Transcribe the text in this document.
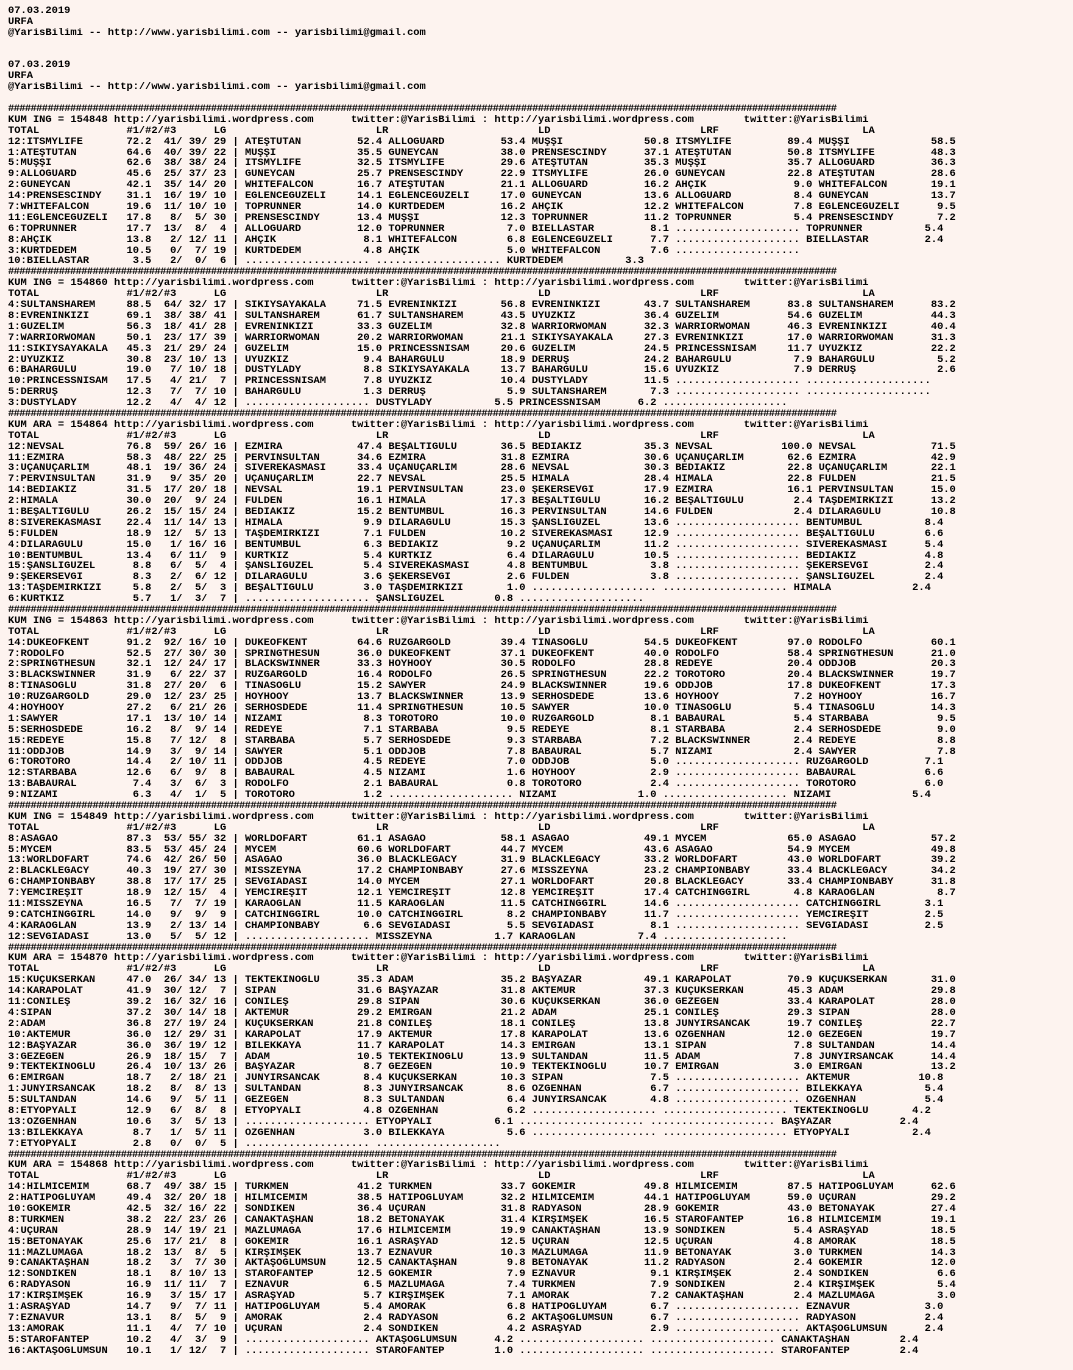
07.03.2019
URFA
@YarisBilimi -- http://www.yarisbilimi.com -- yarisbilimi@gmail.com

07.03.2019
URFA
@YarisBilimi -- http://www.yarisbilimi.com -- yarisbilimi@gmail.com

###################################################################################################################################################
KUM ING = 154848 http://yarisbilimi.wordpress.com      twitter:@YarisBilimi : http://yarisbilimi.wordpress.com        twitter:@YarisBilimi
TOTAL              #1/#2/#3      LG                        LR                        LD                        LRF                       LA
12:ITSMYLIFE       72.2  41/ 39/ 29 | ATEŞTUTAN         52.4 ALLOGUARD         53.4 MUŞŞI             50.8 ITSMYLIFE         89.4 MUŞŞI             58.5
1:ATEŞTUTAN        64.6  40/ 39/ 22 | MUŞŞI             35.5 GUNEYCAN          38.0 PRENSESCINDY      37.1 ATEŞTUTAN         50.8 ITSMYLIFE         48.3
5:MUŞŞI            62.6  38/ 38/ 24 | ITSMYLIFE         32.5 ITSMYLIFE         29.6 ATEŞTUTAN         35.3 MUŞŞI             35.7 ALLOGUARD         36.3
9:ALLOGUARD        45.6  25/ 37/ 23 | GUNEYCAN          25.7 PRENSESCINDY      22.9 ITSMYLIFE         26.0 GUNEYCAN          22.8 ATEŞTUTAN         28.6
2:GUNEYCAN         42.1  35/ 14/ 20 | WHITEFALCON       16.7 ATEŞTUTAN         21.1 ALLOGUARD         16.2 AHÇIK              9.0 WHITEFALCON       19.1
14:PRENSESCINDY    31.1  16/ 19/ 10 | EGLENCEGÜZELİ     14.1 EGLENCEGÜZELİ     17.0 GUNEYCAN          13.6 ALLOGUARD          8.4 GUNEYCAN          13.7
7:WHITEFALCON      19.6  11/ 10/ 10 | TOPRUNNER         14.0 KURTDEDEM         16.2 AHÇIK             12.2 WHITEFALCON        7.8 EGLENCEGÜZELİ      9.5
11:EGLENCEGÜZELİ   17.8   8/  5/ 30 | PRENSESCINDY      13.4 MUŞŞI             12.3 TOPRUNNER         11.2 TOPRUNNER          5.4 PRENSESCINDY       7.2
6:TOPRUNNER        17.7  13/  8/  4 | ALLOGUARD         12.0 TOPRUNNER          7.0 BIELLASTAR         8.1 .................... TOPRUNNER          5.4
8:AHÇIK            13.8   2/ 12/ 11 | AHÇIK              8.1 WHITEFALCON        6.8 EGLENCEGÜZELİ      7.7 .................... BIELLASTAR         2.4
3:KURTDEDEM        10.5   0/  7/ 19 | KURTDEDEM          4.8 AHÇIK              5.0 WHITEFALCON        7.6 ....................
10:BIELLASTAR       3.5   2/  0/  6 | .................... .................... KURTDEDEM          3.3
###################################################################################################################################################
KUM ING = 154860 http://yarisbilimi.wordpress.com      twitter:@YarisBilimi : http://yarisbilimi.wordpress.com        twitter:@YarisBilimi
TOTAL              #1/#2/#3      LG                        LR                        LD                        LRF                       LA
4:SULTANSHAREM     88.5  64/ 32/ 17 | SIKIYSAYAKALA     71.5 EVRENİNKIZI       56.8 EVRENİNKIZI       43.7 SULTANSHAREM      83.8 SULTANSHAREM      83.2
8:EVRENİNKIZI      69.1  38/ 38/ 41 | SULTANSHAREM      61.7 SULTANSHAREM      43.5 UYUZKIZ           36.4 GUZELİM           54.6 GUZELİM           44.3
1:GUZELİM          56.3  18/ 41/ 28 | EVRENİNKIZI       33.3 GUZELİM           32.8 WARRIORWOMAN      32.3 WARRIORWOMAN      46.3 EVRENİNKIZI       40.4
7:WARRIORWOMAN     50.1  23/ 17/ 39 | WARRIORWOMAN      20.2 WARRIORWOMAN      21.1 SIKIYSAYAKALA     27.3 EVRENİNKIZI       17.0 WARRIORWOMAN      31.3
11:SIKIYSAYAKALA   45.3  21/ 29/ 24 | GUZELİM           15.0 PRINCESSNISAM     20.6 GUZELİM           24.5 PRINCESSNISAM     11.7 UYUZKIZ           22.2
2:UYUZKIZ          30.8  23/ 10/ 13 | UYUZKIZ            9.4 BAHARGULU         18.9 DERRUŞ            24.2 BAHARGULU          7.9 BAHARGULU          5.2
6:BAHARGULU        19.0   7/ 10/ 18 | DUSTYLADY          8.8 SIKIYSAYAKALA     13.7 BAHARGULU         15.6 UYUZKIZ            7.9 DERRUŞ             2.6
10:PRINCESSNISAM   17.5   4/ 21/  7 | PRINCESSNISAM      7.8 UYUZKIZ           10.4 DUSTYLADY         11.5 .................... ....................
5:DERRUŞ           12.3   7/  7/ 10 | BAHARGULU          1.3 DERRUŞ             5.9 SULTANSHAREM       7.3 .................... ....................
3:DUSTYLADY        12.2   4/  4/ 12 | .................... DUSTYLADY          5.5 PRINCESSNISAM      6.2 ....................
###################################################################################################################################################
KUM ARA = 154864 http://yarisbilimi.wordpress.com      twitter:@YarisBilimi : http://yarisbilimi.wordpress.com        twitter:@YarisBilimi
TOTAL              #1/#2/#3      LG                        LR                        LD                        LRF                       LA
12:NEVSAL          76.8  59/ 26/ 16 | EZMİRA            47.4 BEŞALTIGÜLÜ       36.5 BEDİAKIZ          35.3 NEVSAL           100.0 NEVSAL            71.5
11:EZMİRA          58.3  48/ 22/ 25 | PERVİNSULTAN      34.6 EZMİRA            31.8 EZMİRA            30.6 UÇANUÇARLIM       62.6 EZMİRA            42.9
3:UÇANUÇARLIM      48.1  19/ 36/ 24 | SİVEREKASMASI     33.4 UÇANUÇARLIM       28.6 NEVSAL            30.3 BEDİAKIZ          22.8 UÇANUÇARLIM       22.1
7:PERVİNSULTAN     31.9   9/ 35/ 20 | UÇANUÇARLIM       22.7 NEVSAL            25.5 HİMALA            28.4 HİMALA            22.8 FULDEN            21.5
14:BEDİAKIZ        31.5  17/ 20/ 18 | NEVSAL            19.1 PERVİNSULTAN      23.0 ŞEKERSEVGİ        17.9 EZMİRA            16.1 PERVİNSULTAN      15.0
2:HİMALA           30.0  20/  9/ 24 | FULDEN            16.1 HİMALA            17.3 BEŞALTIGÜLÜ       16.2 BEŞALTIGÜLÜ        2.4 TAŞDEMİRKIZI      13.2
1:BEŞALTIGÜLÜ      26.2  15/ 15/ 24 | BEDİAKIZ          15.2 BENTUMBUL         16.3 PERVİNSULTAN      14.6 FULDEN             2.4 DİLARAGÜLÜ        10.8
8:SİVEREKASMASI    22.4  11/ 14/ 13 | HİMALA             9.9 DİLARAGÜLÜ        15.3 ŞANSLIGUZEL       13.6 .................... BENTUMBUL          8.4
5:FULDEN           18.9  12/  5/ 13 | TAŞDEMİRKIZI       7.1 FULDEN            10.2 SİVEREKASMASI     12.9 .................... BEŞALTIGÜLÜ        6.6
4:DİLARAGÜLÜ       15.0   1/ 16/ 16 | BENTUMBUL          6.3 BEDİAKIZ           9.2 UÇANUÇARLIM       11.2 .................... SİVEREKASMASI      5.4
10:BENTUMBUL       13.4   6/ 11/  9 | KURTKIZ            5.4 KURTKIZ            6.4 DİLARAGÜLÜ        10.5 .................... BEDİAKIZ           4.8
15:ŞANSLIGUZEL      8.8   6/  5/  4 | ŞANSLIGUZEL        5.4 SİVEREKASMASI      4.8 BENTUMBUL          3.8 .................... ŞEKERSEVGİ         2.4
9:ŞEKERSEVGİ        8.3   2/  6/ 12 | DİLARAGÜLÜ         3.6 ŞEKERSEVGİ         2.6 FULDEN             3.8 .................... ŞANSLIGUZEL        2.4
13:TAŞDEMİRKIZI     5.8   2/  5/  3 | BEŞALTIGÜLÜ        3.0 TAŞDEMİRKIZI       1.0 .................... .................... HİMALA             2.4
6:KURTKIZ           5.7   1/  3/  7 | .................... ŞANSLIGUZEL        0.8 ....................
###################################################################################################################################################
KUM ING = 154863 http://yarisbilimi.wordpress.com      twitter:@YarisBilimi : http://yarisbilimi.wordpress.com        twitter:@YarisBilimi
TOTAL              #1/#2/#3      LG                        LR                        LD                        LRF                       LA
14:DUKEOFKENT      91.2  92/ 16/ 10 | DUKEOFKENT        64.6 RUZGARGOLD        39.4 TINASOĞLU         54.5 DUKEOFKENT        97.0 RODOLFO           60.1
7:RODOLFO          52.5  27/ 30/ 30 | SPRINGTHESUN      36.0 DUKEOFKENT        37.1 DUKEOFKENT        40.0 RODOLFO           58.4 SPRINGTHESUN      21.0
2:SPRINGTHESUN     32.1  12/ 24/ 17 | BLACKSWINNER      33.3 HOYHOOY           30.5 RODOLFO           28.8 REDEYE            20.4 ODDJOB            20.3
3:BLACKSWINNER     31.9   6/ 22/ 37 | RUZGARGOLD        16.4 RODOLFO           26.5 SPRINGTHESUN      22.2 TOROTORO          20.4 BLACKSWINNER      19.7
8:TINASOGLU        31.8  27/ 20/  6 | TINASOGLU         15.2 SAWYER            24.9 BLACKSWINNER      19.6 ODDJOB            17.8 DUKEOFKENT        17.3
10:RUZGARGOLD      29.0  12/ 23/ 25 | HOYHOOY           13.7 BLACKSWINNER      13.9 SERHOSDEDE        13.6 HOYHOOY            7.2 HOYHOOY           16.7
4:HOYHOOY          27.2   6/ 21/ 26 | SERHOSDEDE        11.4 SPRINGTHESUN      10.5 SAWYER            10.0 TINASOGLU          5.4 TINASOGLU         14.3
1:SAWYER           17.1  13/ 10/ 14 | NIZAMI             8.3 TOROTORO          10.0 RUZGARGOLD         8.1 BABAURAL           5.4 STARBABA           9.5
5:SERHOSDEDE       16.2   8/  9/ 14 | REDEYE             7.1 STARBABA           9.5 REDEYE             8.1 STARBABA           2.4 SERHOSDEDE         9.0
15:REDEYE          15.8   7/ 12/  8 | STARBABA           5.7 SERHOSDEDE         9.3 STARBABA           7.2 BLACKSWINNER       2.4 REDEYE             8.8
11:ODDJOB          14.9   3/  9/ 14 | SAWYER             5.1 ODDJOB             7.8 BABAURAL           5.7 NIZAMI             2.4 SAWYER             7.8
6:TOROTORO         14.4   2/ 10/ 11 | ODDJOB             4.5 REDEYE             7.0 ODDJOB             5.0 .................... RUZGARGOLD         7.1
12:STARBABA        12.6   6/  9/  8 | BABAURAL           4.5 NIZAMI             1.6 HOYHOOY            2.9 .................... BABAURAL           6.6
13:BABAURAL         7.4   3/  6/  3 | RODOLFO            2.1 BABAURAL           0.8 TOROTORO           2.4 .................... TOROTORO           6.0
9:NIZAMI            6.3   4/  1/  5 | TOROTORO           1.2 .................... NIZAMI             1.0 .................... NIZAMI             5.4
###################################################################################################################################################
KUM ING = 154849 http://yarisbilimi.wordpress.com      twitter:@YarisBilimi : http://yarisbilimi.wordpress.com        twitter:@YarisBilimi
TOTAL              #1/#2/#3      LG                        LR                        LD                        LRF                       LA
8:ASAGAO           87.3  53/ 55/ 32 | WORLDOFART        61.1 ASAGAO            58.1 ASAGAO            49.1 MYCEM             65.0 ASAGAO            57.2
5:MYCEM            83.5  53/ 45/ 24 | MYCEM             60.6 WORLDOFART        44.7 MYCEM             43.6 ASAGAO            54.9 MYCEM             49.8
13:WORLDOFART      74.6  42/ 26/ 50 | ASAGAO            36.0 BLACKLEGACY       31.9 BLACKLEGACY       33.2 WORLDOFART        43.0 WORLDOFART        39.2
2:BLACKLEGACY      40.3  19/ 27/ 30 | MISSZEYNA         17.2 CHAMPIONBABY      27.6 MISSZEYNA         23.2 CHAMPIONBABY      33.4 BLACKLEGACY       34.2
6:CHAMPIONBABY     38.8  17/ 17/ 25 | SEVGİADASI        14.0 MYCEM             27.1 WORLDOFART        20.8 BLACKLEGACY       33.4 CHAMPIONBABY      31.8
7:YEMCIREŞIT       18.9  12/ 15/  4 | YEMCIREŞIT        12.1 YEMCIREŞIT        12.8 YEMCIREŞIT        17.4 CATCHINGGIRL       4.8 KARAOGLAN          8.7
11:MISSZEYNA       16.5   7/  7/ 19 | KARAOGLAN         11.5 KARAOGLAN         11.5 CATCHINGGIRL      14.6 .................... CATCHINGGIRL       3.1
9:CATCHINGGIRL     14.0   9/  9/  9 | CATCHINGGIRL      10.0 CATCHINGGIRL       8.2 CHAMPIONBABY      11.7 .................... YEMCIREŞIT         2.5
4:KARAOGLAN        13.9   2/ 13/ 14 | CHAMPIONBABY       6.6 SEVGİADASI         5.5 SEVGİADASI         8.1 .................... SEVGİADASI         2.5
12:SEVGİADASI      13.0   5/  5/ 12 | .................... MISSZEYNA          1.7 KARAOGLAN          7.4 ....................
###################################################################################################################################################
KUM ARA = 154870 http://yarisbilimi.wordpress.com      twitter:@YarisBilimi : http://yarisbilimi.wordpress.com        twitter:@YarisBilimi
TOTAL              #1/#2/#3      LG                        LR                        LD                        LRF                       LA
15:KUÇUKSERKAN     47.0  26/ 34/ 13 | TEKTEKİNOĞLU      35.3 ADAM              35.2 BAŞYAZAR          49.1 KARAPOLAT         70.9 KUÇUKSERKAN       31.0
14:KARAPOLAT       41.9  30/ 12/  7 | SIPAN             31.6 BAŞYAZAR          31.8 AKTEMUR           37.3 KUÇUKSERKAN       45.3 ADAM              29.8
11:CONİLEŞ         39.2  16/ 32/ 16 | CONİLEŞ           29.8 SIPAN             30.6 KUÇUKSERKAN       36.0 GEZEGEN           33.4 KARAPOLAT         28.0
4:SIPAN            37.2  30/ 14/ 18 | AKTEMUR           29.2 EMİRGAN           21.2 ADAM              25.1 CONİLEŞ           29.3 SIPAN             28.0
2:ADAM             36.8  27/ 19/ 24 | KUÇUKSERKAN       21.8 CONİLEŞ           18.1 CONİLEŞ           13.8 JUNYIRSANCAK      19.7 CONİLEŞ           22.7
10:AKTEMUR         36.0  12/ 29/ 31 | KARAPOLAT         17.9 AKTEMUR           17.8 KARAPOLAT         13.6 ÖZGENHAN          12.0 GEZEGEN           19.7
12:BAŞYAZAR        36.0  36/ 19/ 12 | BİLEKKAYA         11.7 KARAPOLAT         14.3 EMİRGAN           13.1 SIPAN              7.8 SULTANDAN         14.4
3:GEZEGEN          26.9  18/ 15/  7 | ADAM              10.5 TEKTEKİNOĞLU      13.9 SULTANDAN         11.5 ADAM               7.8 JUNYIRSANCAK      14.4
9:TEKTEKİNOĞLU     26.4  10/ 13/ 26 | BAŞYAZAR           8.7 GEZEGEN           10.9 TEKTEKİNOĞLU      10.7 EMİRGAN            3.0 EMİRGAN           13.2
6:EMİRGAN          18.7   2/ 18/ 21 | JUNYIRSANCAK       8.4 KUÇUKSERKAN       10.3 SIPAN              7.5 .................... AKTEMUR           10.8
1:JUNYIRSANCAK     18.2   8/  8/ 13 | SULTANDAN          8.3 JUNYIRSANCAK       8.6 ÖZGENHAN           6.7 .................... BİLEKKAYA          5.4
5:SULTANDAN        14.6   9/  5/ 11 | GEZEGEN            8.3 SULTANDAN          6.4 JUNYIRSANCAK       4.8 .................... ÖZGENHAN           5.4
8:ETYOPYALI        12.9   6/  8/  8 | ETYOPYALI          4.8 ÖZGENHAN           6.2 .................... .................... TEKTEKİNOĞLU       4.2
13:ÖZGENHAN        10.6   3/  5/ 13 | .................... ETYOPYALI          6.1 .................... .................... BAŞYAZAR           2.4
13:BİLEKKAYA        8.7   1/  5/ 11 | ÖZGENHAN           3.0 BİLEKKAYA          5.6 .................... .................... ETYOPYALI          2.4
7:ETYOPYALI         2.8   0/  0/  5 | .................... ....................
###################################################################################################################################################
KUM ARA = 154868 http://yarisbilimi.wordpress.com      twitter:@YarisBilimi : http://yarisbilimi.wordpress.com        twitter:@YarisBilimi
TOTAL              #1/#2/#3      LG                        LR                        LD                        LRF                       LA
14:HİLMİCEMİM      68.7  49/ 38/ 15 | TÜRKMEN           41.2 TÜRKMEN           33.7 GÖKEMİR           49.8 HİLMİCEMİM        87.5 HATİPOĞLUYAM      62.6
2:HATİPOĞLUYAM     49.4  32/ 20/ 18 | HİLMİCEMİM        38.5 HATİPOĞLUYAM      32.2 HİLMİCEMİM        44.1 HATİPOĞLUYAM      59.0 UÇURAN            29.2
10:GÖKEMİR         42.5  32/ 16/ 22 | SONDİKEN          36.4 UÇURAN            31.8 RADYASON          28.9 GÖKEMİR           43.0 BETONAYAK         27.4
8:TÜRKMEN          38.2  22/ 23/ 26 | CANAKTAŞHAN       18.2 BETONAYAK         31.4 KIRŞIMŞEK         16.5 STAROFANTEP       16.8 HİLMİCEMİM        19.1
4:UÇURAN           28.9  14/ 19/ 21 | MAZLUMAGA         17.6 HİLMİCEMİM        19.9 CANAKTAŞHAN       13.9 SONDİKEN           5.4 ASRAŞYAD          18.5
15:BETONAYAK       25.6  17/ 21/  8 | GÖKEMİR           16.1 ASRAŞYAD          12.5 UÇURAN            12.5 UÇURAN             4.8 AMORAK            18.5
11:MAZLUMAGA       18.2  13/  8/  5 | KIRŞIMŞEK         13.7 EZNAVUR           10.3 MAZLUMAGA         11.9 BETONAYAK          3.0 TÜRKMEN           14.3
9:CANAKTAŞHAN      18.2   3/  7/ 30 | AKTAŞOGLUMSUN     12.5 CANAKTAŞHAN        9.8 BETONAYAK         11.2 RADYASON           2.4 GÖKEMİR           12.0
12:SONDİKEN        18.1   8/ 10/ 13 | STAROFANTEP       12.5 GÖKEMİR            7.9 EZNAVUR            9.1 KIRŞIMŞEK          2.4 SONDİKEN           6.6
6:RADYASON         16.9  11/ 11/  7 | EZNAVUR            6.5 MAZLUMAGA          7.4 TÜRKMEN            7.9 SONDİKEN           2.4 KIRŞIMŞEK          5.4
17:KIRŞIMŞEK       16.9   3/ 15/ 17 | ASRAŞYAD           5.7 KIRŞIMŞEK          7.1 AMORAK             7.2 CANAKTAŞHAN        2.4 MAZLUMAGA          3.0
1:ASRAŞYAD         14.7   9/  7/ 11 | HATİPOĞLUYAM       5.4 AMORAK             6.8 HATİPOĞLUYAM       6.7 .................... EZNAVUR            3.0
7:EZNAVUR          13.1   8/  5/  9 | AMORAK             2.4 RADYASON           6.2 AKTAŞOGLUMSUN      6.7 .................... RADYASON           2.4
13:AMORAK          11.1   4/  7/ 10 | UÇURAN             2.4 SONDİKEN           4.2 ASRAŞYAD           2.9 .................... AKTAŞOGLUMSUN      2.4
5:STAROFANTEP      10.2   4/  3/  9 | .................... AKTAŞOGLUMSUN      4.2 .................... .................... CANAKTAŞHAN        2.4
16:AKTAŞOGLUMSUN   10.1   1/ 12/  7 | .................... STAROFANTEP        1.0 .................... .................... STAROFANTEP        2.4
